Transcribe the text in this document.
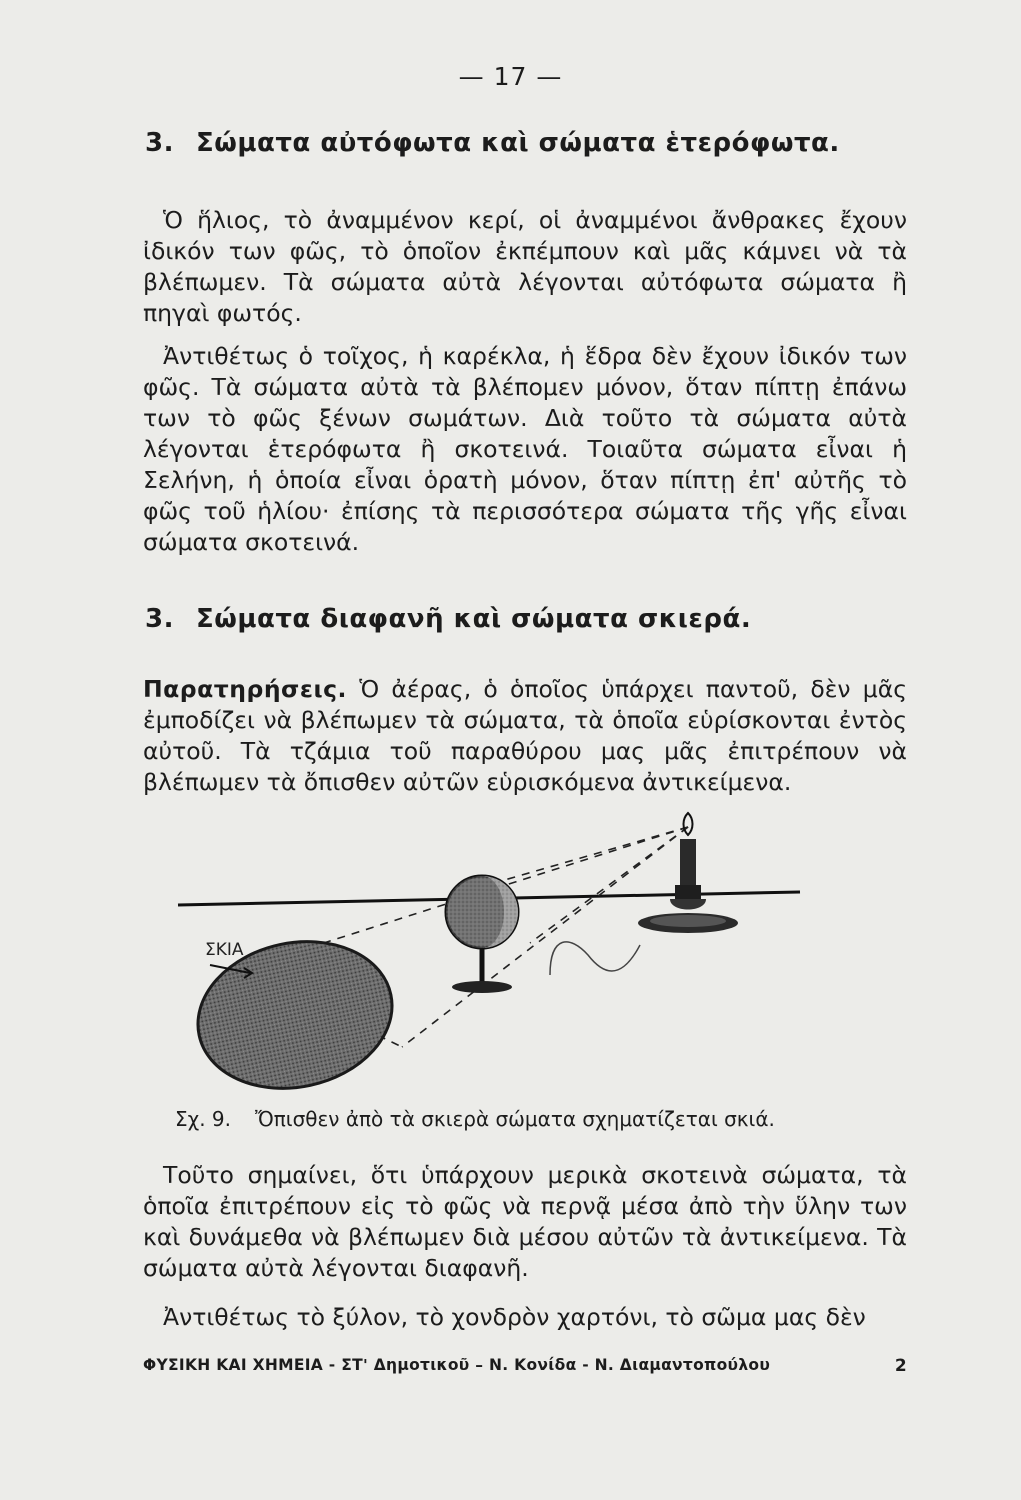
— 17 —
3. Σώματα αὐτόφωτα καὶ σώματα ἑτερόφωτα.

Ὁ ἥλιος, τὸ ἀναμμένον κερί, οἱ ἀναμμένοι ἄνθρακες ἔχουν ἰδικόν των φῶς, τὸ ὁποῖον ἐκπέμπουν καὶ μᾶς κάμνει νὰ τὰ βλέπωμεν. Τὰ σώματα αὐτὰ λέγονται αὐτόφωτα σώματα ἢ πηγαὶ φωτός.

Ἀντιθέτως ὁ τοῖχος, ἡ καρέκλα, ἡ ἕδρα δὲν ἔχουν ἰδικόν των φῶς. Τὰ σώματα αὐτὰ τὰ βλέπομεν μόνον, ὅταν πίπτῃ ἐπάνω των τὸ φῶς ξένων σωμάτων. Διὰ τοῦτο τὰ σώματα αὐτὰ λέγονται ἑτερόφωτα ἢ σκοτεινά. Τοιαῦτα σώματα εἶναι ἡ Σελήνη, ἡ ὁποία εἶναι ὁρατὴ μόνον, ὅταν πίπτῃ ἐπ' αὐτῆς τὸ φῶς τοῦ ἡλίου· ἐπίσης τὰ περισσότερα σώματα τῆς γῆς εἶναι σώματα σκοτεινά.

3. Σώματα διαφανῆ καὶ σώματα σκιερά.

Παρατηρήσεις. Ὁ ἀέρας, ὁ ὁποῖος ὑπάρχει παντοῦ, δὲν μᾶς ἐμποδίζει νὰ βλέπωμεν τὰ σώματα, τὰ ὁποῖα εὑρίσκονται ἐντὸς αὐτοῦ. Τὰ τζάμια τοῦ παραθύρου μας μᾶς ἐπιτρέπουν νὰ βλέπωμεν τὰ ὄπισθεν αὐτῶν εὑρισκόμενα ἀντικείμενα.

ΣΚΙΑ
Σχ. 9. Ὄπισθεν ἀπὸ τὰ σκιερὰ σώματα σχηματίζεται σκιά.

Τοῦτο σημαίνει, ὅτι ὑπάρχουν μερικὰ σκοτεινὰ σώματα, τὰ ὁποῖα ἐπιτρέπουν εἰς τὸ φῶς νὰ περνᾷ μέσα ἀπὸ τὴν ὕλην των καὶ δυνάμεθα νὰ βλέπωμεν διὰ μέσου αὐτῶν τὰ ἀντικείμενα. Τὰ σώματα αὐτὰ λέγονται διαφανῆ.

Ἀντιθέτως τὸ ξύλον, τὸ χονδρὸν χαρτόνι, τὸ σῶμα μας δὲν

ΦΥΣΙΚΗ ΚΑΙ ΧΗΜΕΙΑ - ΣΤ' Δημοτικοῦ – Ν. Κονίδα - Ν. Διαμαντοπούλου	2
